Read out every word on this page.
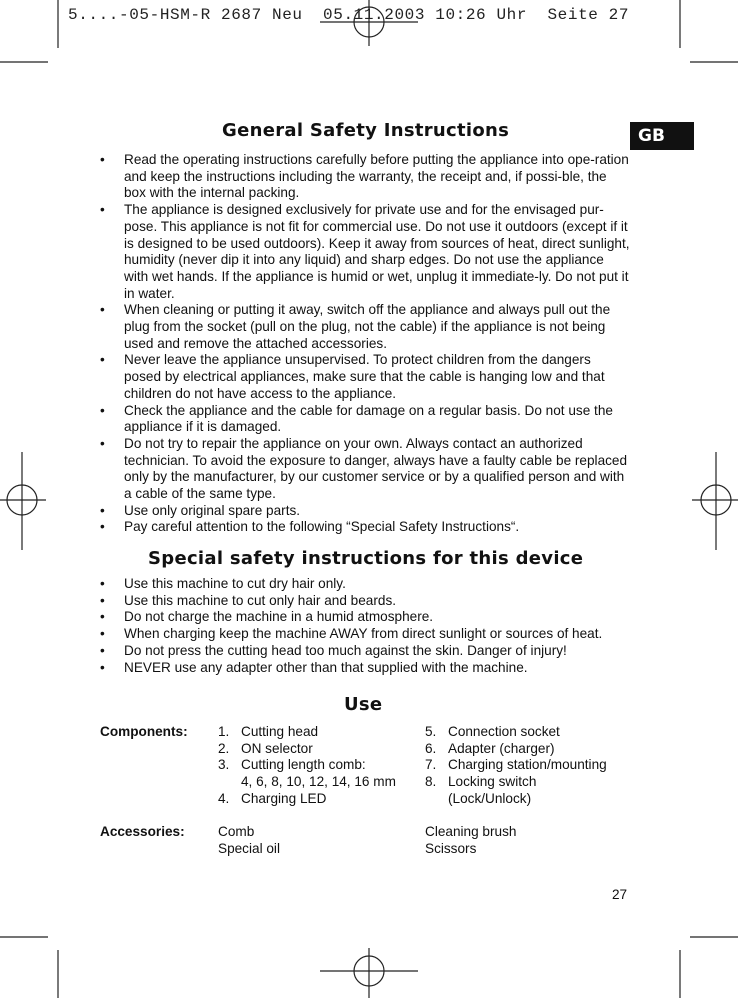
5....-05-HSM-R 2687 Neu  05.11.2003 10:26 Uhr  Seite 27
GB
General Safety Instructions
• Read the operating instructions carefully before putting the appliance into ope-ration and keep the instructions including the warranty, the receipt and, if possi-ble, the box with the internal packing.
• The appliance is designed exclusively for private use and for the envisaged pur-pose. This appliance is not fit for commercial use. Do not use it outdoors (except if it is designed to be used outdoors). Keep it away from sources of heat, direct sunlight, humidity (never dip it into any liquid) and sharp edges. Do not use the appliance with wet hands. If the appliance is humid or wet, unplug it immediate-ly. Do not put it in water.
• When cleaning or putting it away, switch off the appliance and always pull out the plug from the socket (pull on the plug, not the cable) if the appliance is not being used and remove the attached accessories.
• Never leave the appliance unsupervised. To protect children from the dangers posed by electrical appliances, make sure that the cable is hanging low and that children do not have access to the appliance.
• Check the appliance and the cable for damage on a regular basis. Do not use the appliance if it is damaged.
• Do not try to repair the appliance on your own. Always contact an authorized technician. To avoid the exposure to danger, always have a faulty cable be replaced only by the manufacturer, by our customer service or by a qualified person and with a cable of the same type.
• Use only original spare parts.
• Pay careful attention to the following “Special Safety Instructions“.
Special safety instructions for this device
• Use this machine to cut dry hair only.
• Use this machine to cut only hair and beards.
• Do not charge the machine in a humid atmosphere.
• When charging keep the machine AWAY from direct sunlight or sources of heat.
• Do not press the cutting head too much against the skin. Danger of injury!
• NEVER use any adapter other than that supplied with the machine.
Use
Components: 1. Cutting head
2. ON selector
3. Cutting length comb:
4, 6, 8, 10, 12, 14, 16 mm
4. Charging LED
5. Connection socket
6. Adapter (charger)
7. Charging station/mounting
8. Locking switch
(Lock/Unlock)
Accessories: Comb
Special oil
Cleaning brush
Scissors
27
